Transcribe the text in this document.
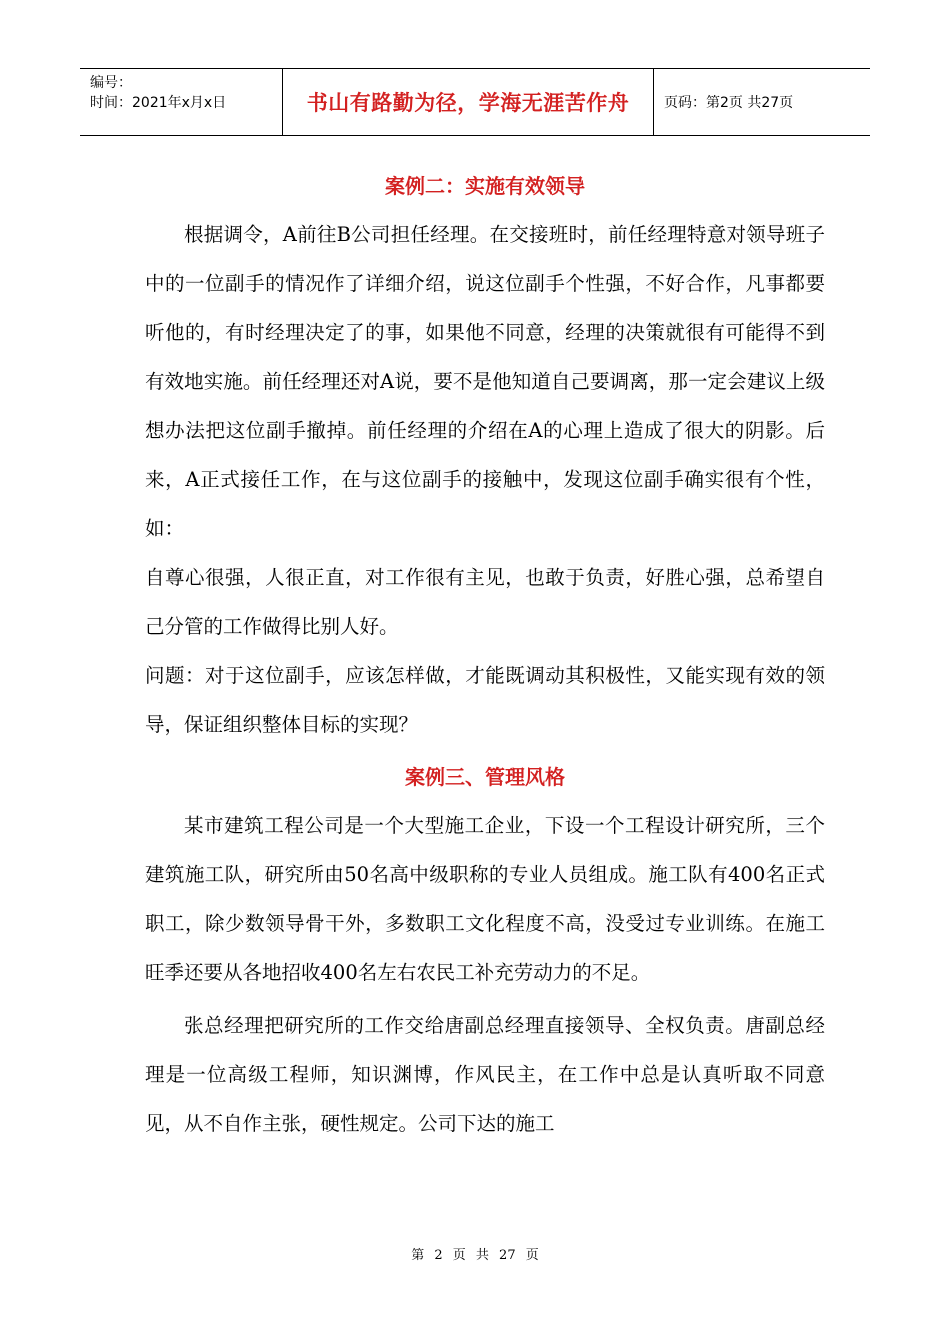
编号：
时间：2021年x月x日	书山有路勤为径，学海无涯苦作舟 页码：第2页 共27页
案例二：实施有效领导

根据调令，A前往B公司担任经理。在交接班时，前任经理特意对领导班子中的一位副手的情况作了详细介绍，说这位副手个性强，不好合作，凡事都要听他的，有时经理决定了的事，如果他不同意，经理的决策就很有可能得不到有效地实施。前任经理还对A说，要不是他知道自己要调离，那一定会建议上级想办法把这位副手撤掉。前任经理的介绍在A的心理上造成了很大的阴影。后来，A正式接任工作，在与这位副手的接触中，发现这位副手确实很有个性，如：

自尊心很强，人很正直，对工作很有主见，也敢于负责，好胜心强，总希望自己分管的工作做得比别人好。

问题：对于这位副手，应该怎样做，才能既调动其积极性，又能实现有效的领导，保证组织整体目标的实现？

案例三、管理风格

某市建筑工程公司是一个大型施工企业，下设一个工程设计研究所，三个建筑施工队，研究所由50名高中级职称的专业人员组成。施工队有400名正式职工，除少数领导骨干外，多数职工文化程度不高，没受过专业训练。在施工旺季还要从各地招收400名左右农民工补充劳动力的不足。

张总经理把研究所的工作交给唐副总经理直接领导、全权负责。唐副总经理是一位高级工程师，知识渊博，作风民主，在工作中总是认真听取不同意见，从不自作主张，硬性规定。公司下达的施工

第 2 页 共 27 页
